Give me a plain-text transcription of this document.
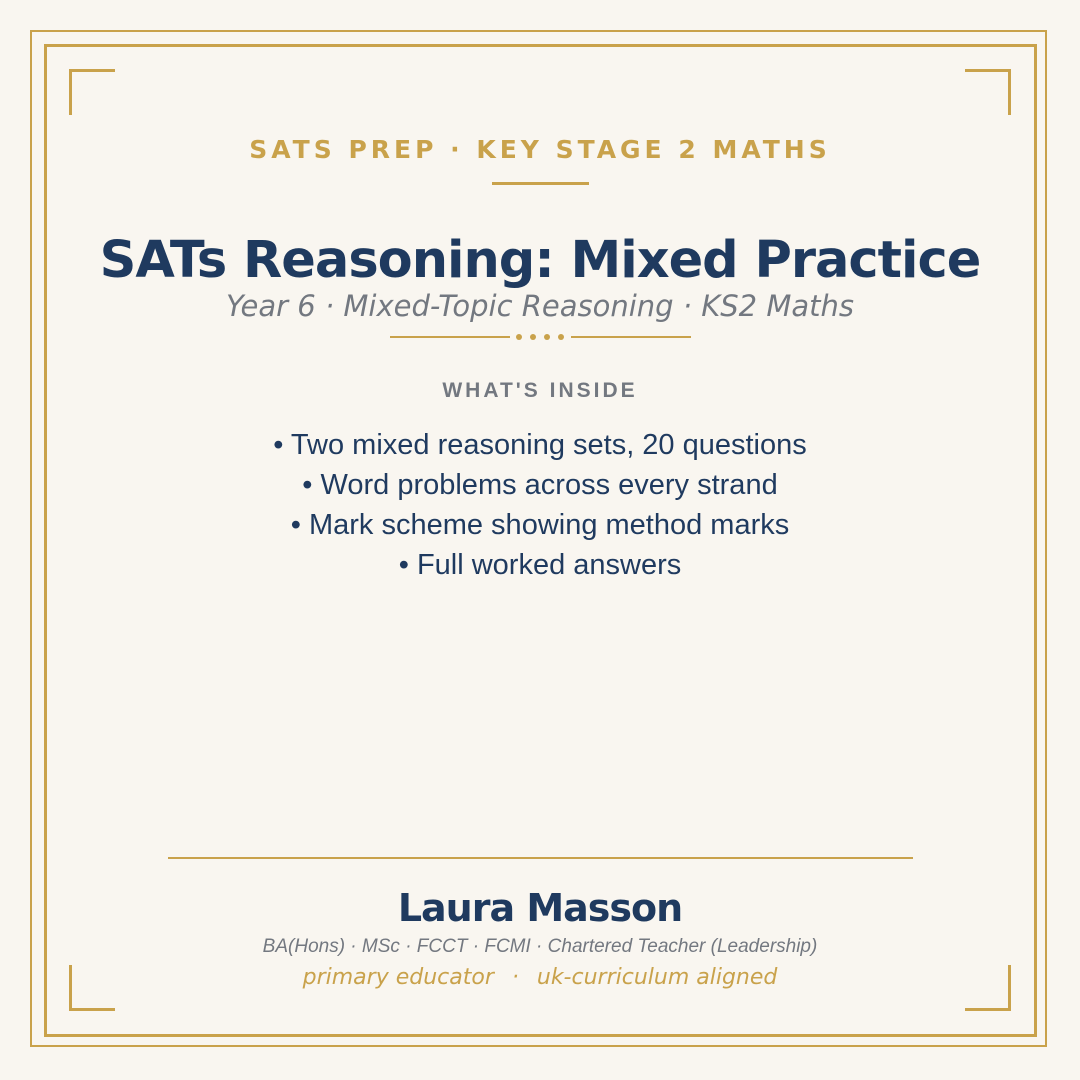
SATS PREP · KEY STAGE 2 MATHS
SATs Reasoning: Mixed Practice
Year 6 · Mixed-Topic Reasoning · KS2 Maths
WHAT'S INSIDE
• Two mixed reasoning sets, 20 questions
• Word problems across every strand
• Mark scheme showing method marks
• Full worked answers
Laura Masson
BA(Hons) · MSc · FCCT · FCMI · Chartered Teacher (Leadership)
primary educator · uk-curriculum aligned
